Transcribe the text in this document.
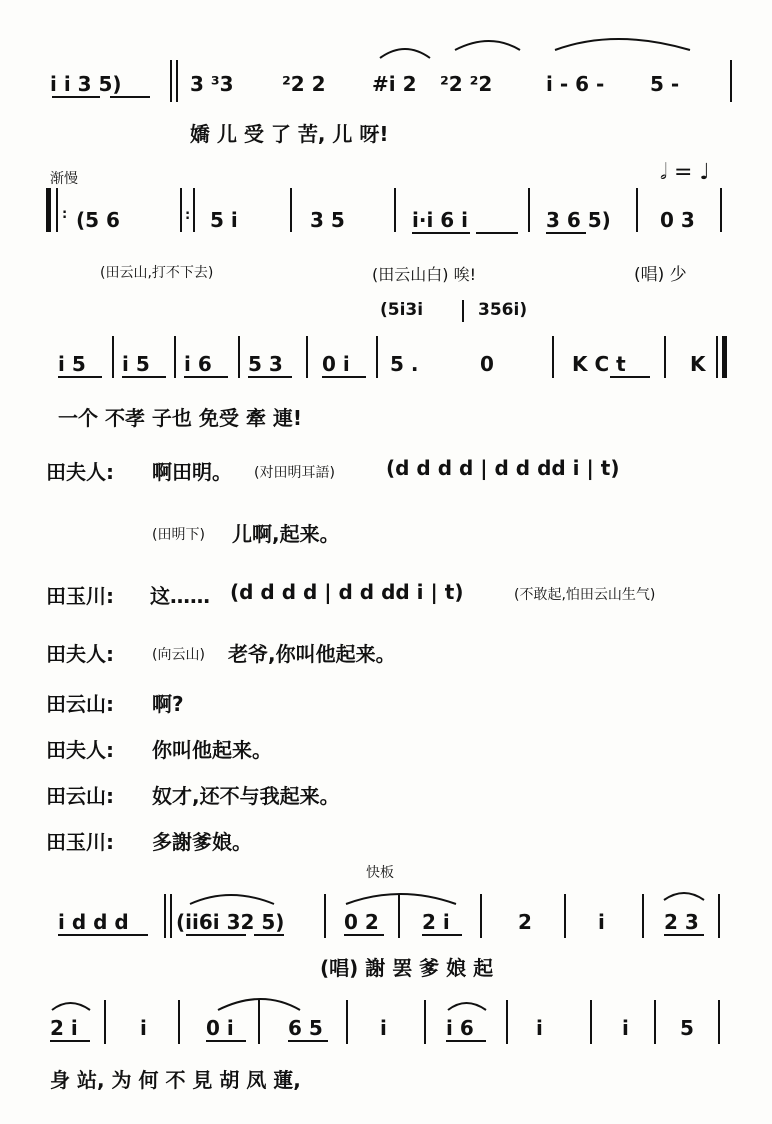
i i 3 5)	3 ³3 ²2 2 #i 2 ²2 ²2	i - 6 - 5 -
嬌 儿 受 了 苦, 儿 呀!
渐慢	𝅗𝅥 = ♩
: (5 6	: 5 i	3 5	i·i 6 i	3 6 5) 0 3
(田云山,打不下去)	(田云山白) 唉!	(唱) 少
(5i3i	356i)
i 5 i 5 i 6 5 3 0 i 5 .	0	K C t	K
一个 不孝 子也 免受 牽 連!
田夫人: 啊田明。 (对田明耳語)	(d d d d | d d dd i | t)
(田明下) 儿啊,起来。
田玉川: 这…… (d d d d | d d dd i | t)	(不敢起,怕田云山生气)
田夫人:	(向云山) 老爷,你叫他起来。
田云山: 啊?
田夫人: 你叫他起来。
田云山: 奴才,还不与我起来。
田玉川: 多謝爹娘。
快板
i d d d (ii6i 32 5)	0 2 2 i	2	i	2 3
(唱) 謝 罢 爹 娘 起
2 i	i	0 i	6 5	i	i 6	i	i	5
身 站, 为 何 不 見 胡 凤 蓮,
